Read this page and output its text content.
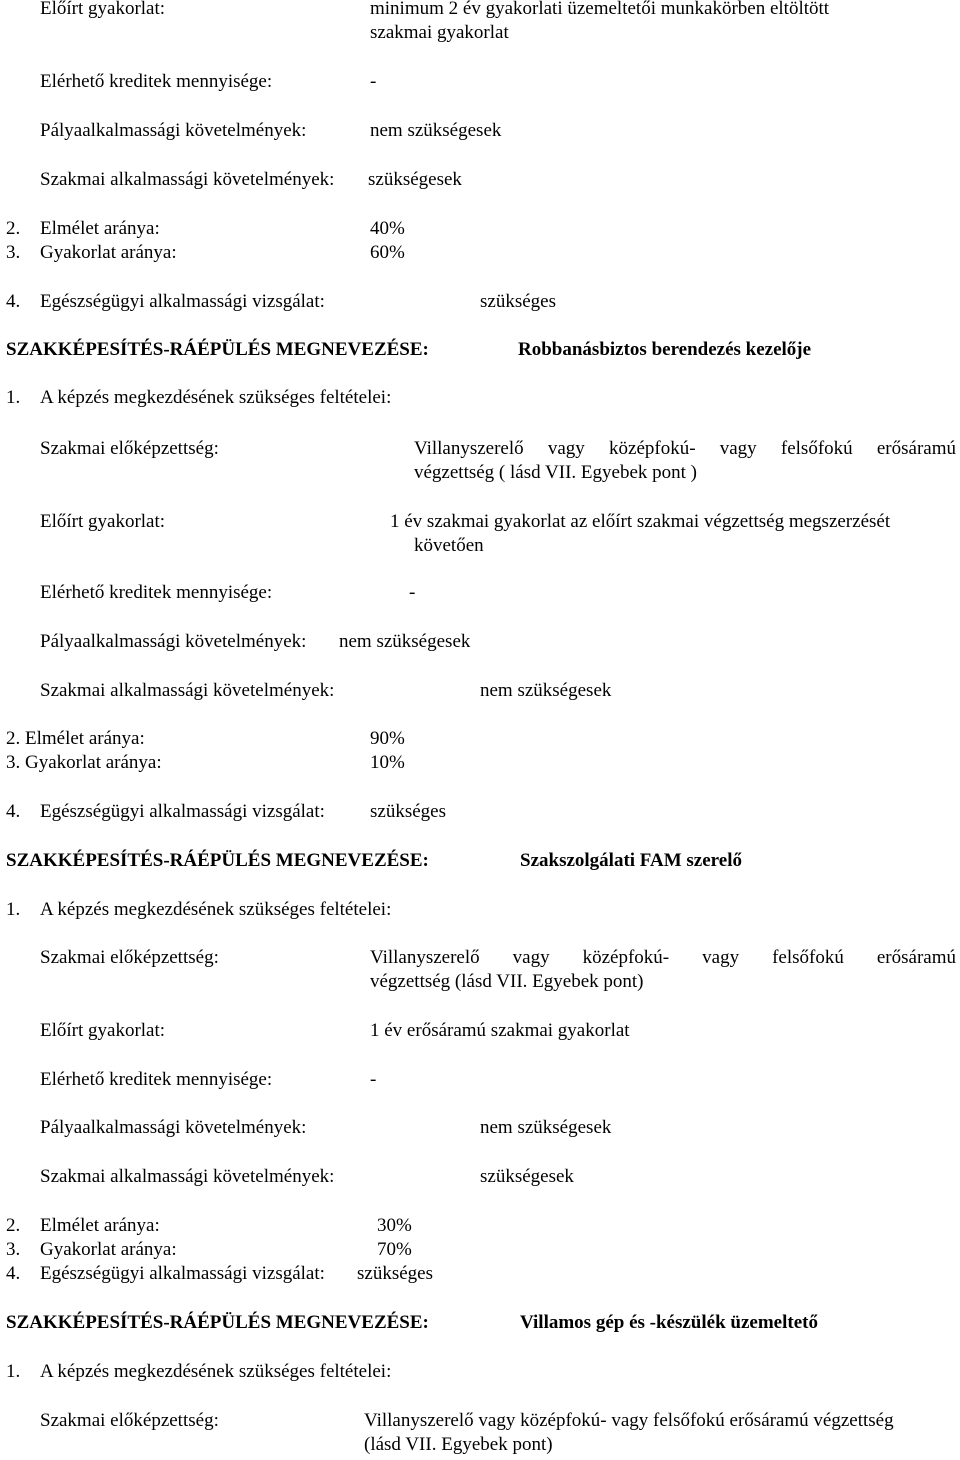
Előírt gyakorlat:	minimum 2 év gyakorlati üzemeltetői munkakörben eltöltött
szakmai gyakorlat
Elérhető kreditek mennyisége:	-
Pályaalkalmassági követelmények:	nem szükségesek
Szakmai alkalmassági követelmények: szükségesek
2. Elmélet aránya:	40%
3. Gyakorlat aránya:	60%
4. Egészségügyi alkalmassági vizsgálat:	szükséges
SZAKKÉPESÍTÉS-RÁÉPÜLÉS MEGNEVEZÉSE:	Robbanásbiztos berendezés kezelője
1. A képzés megkezdésének szükséges feltételei:
Szakmai előképzettség:	Villanyszerelő vagy középfokú- vagy felsőfokú erősáramú
végzettség ( lásd VII. Egyebek pont )
Előírt gyakorlat:	1 év szakmai gyakorlat az előírt szakmai végzettség megszerzését
követően
Elérhető kreditek mennyisége:	-
Pályaalkalmassági követelmények: nem szükségesek
Szakmai alkalmassági követelmények:	nem szükségesek
2. Elmélet aránya:	90%
3. Gyakorlat aránya:	10%
4. Egészségügyi alkalmassági vizsgálat: szükséges
SZAKKÉPESÍTÉS-RÁÉPÜLÉS MEGNEVEZÉSE:	Szakszolgálati FAM szerelő
1. A képzés megkezdésének szükséges feltételei:
Szakmai előképzettség:	Villanyszerelő vagy középfokú- vagy felsőfokú erősáramú
végzettség (lásd VII. Egyebek pont)
Előírt gyakorlat:	1 év erősáramú szakmai gyakorlat
Elérhető kreditek mennyisége:	-
Pályaalkalmassági követelmények:	nem szükségesek
Szakmai alkalmassági követelmények:	szükségesek
2. Elmélet aránya:	30%
3. Gyakorlat aránya:	70%
4. Egészségügyi alkalmassági vizsgálat: szükséges
SZAKKÉPESÍTÉS-RÁÉPÜLÉS MEGNEVEZÉSE:	Villamos gép és -készülék üzemeltető
1. A képzés megkezdésének szükséges feltételei:
Szakmai előképzettség:	Villanyszerelő vagy középfokú- vagy felsőfokú erősáramú végzettség
(lásd VII. Egyebek pont)
